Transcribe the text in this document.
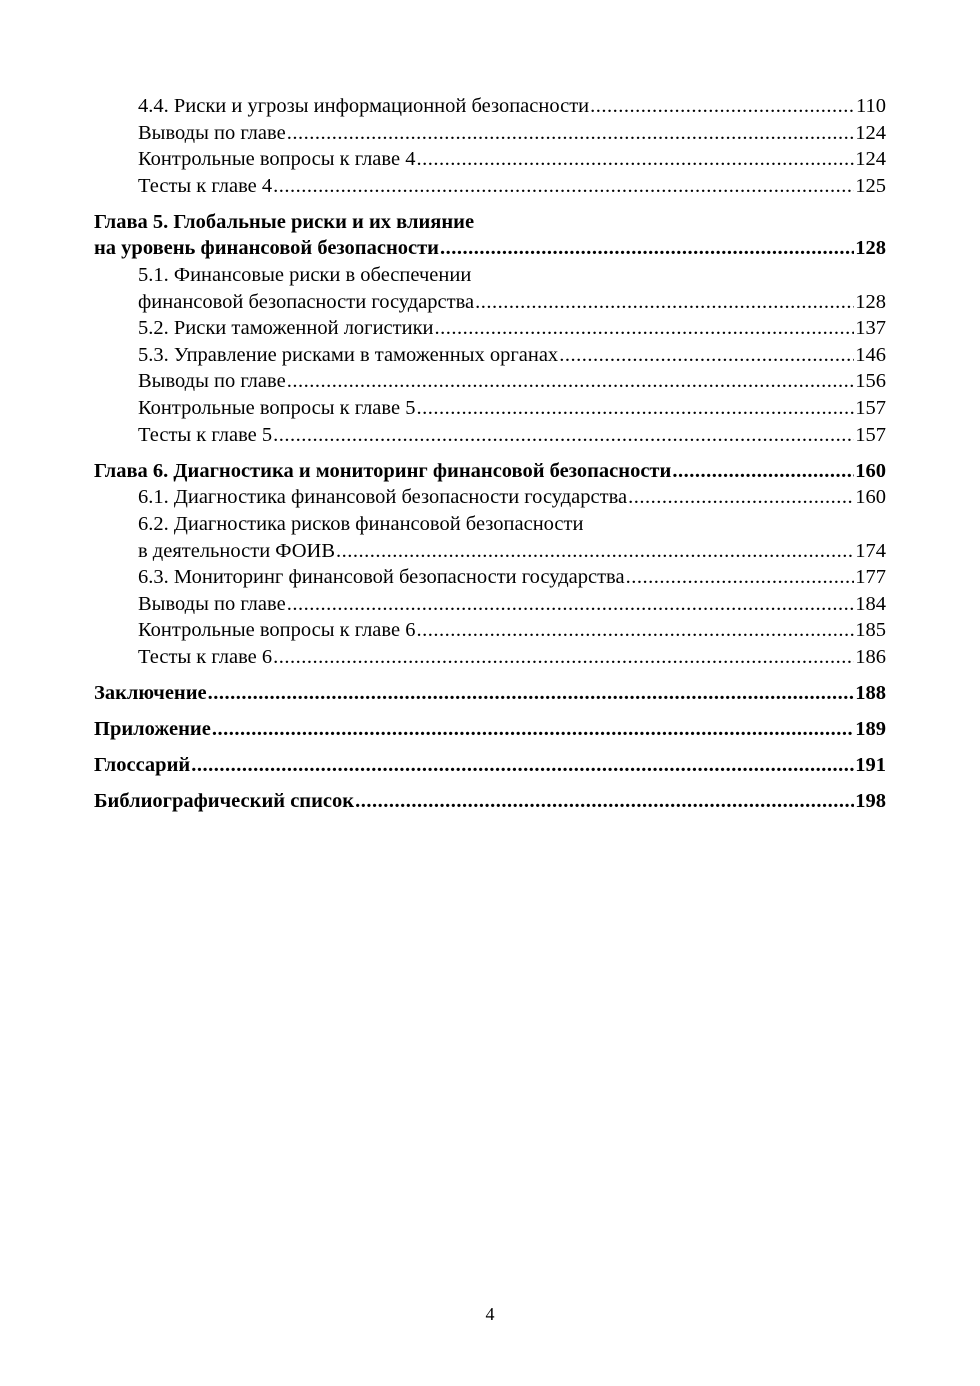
4.4. Риски и угрозы информационной безопасности .....	110
Выводы по главе .....	124
Контрольные вопросы к главе 4 .....	124
Тесты к главе 4 .....	125
Глава 5. Глобальные риски и их влияние
на уровень финансовой безопасности .....	128
5.1. Финансовые риски в обеспечении
финансовой безопасности государства .....	128
5.2. Риски таможенной логистики .....	137
5.3. Управление рисками в таможенных органах .....	146
Выводы по главе .....	156
Контрольные вопросы к главе 5 .....	157
Тесты к главе 5 .....	157
Глава 6. Диагностика и мониторинг финансовой безопасности .....	160
6.1. Диагностика финансовой безопасности государства .....	160
6.2. Диагностика рисков финансовой безопасности
в деятельности ФОИВ .....	174
6.3. Мониторинг финансовой безопасности государства .....	177
Выводы по главе .....	184
Контрольные вопросы к главе 6 .....	185
Тесты к главе 6 .....	186
Заключение .....	188
Приложение .....	189
Глоссарий .....	191
Библиографический список .....	198
4
